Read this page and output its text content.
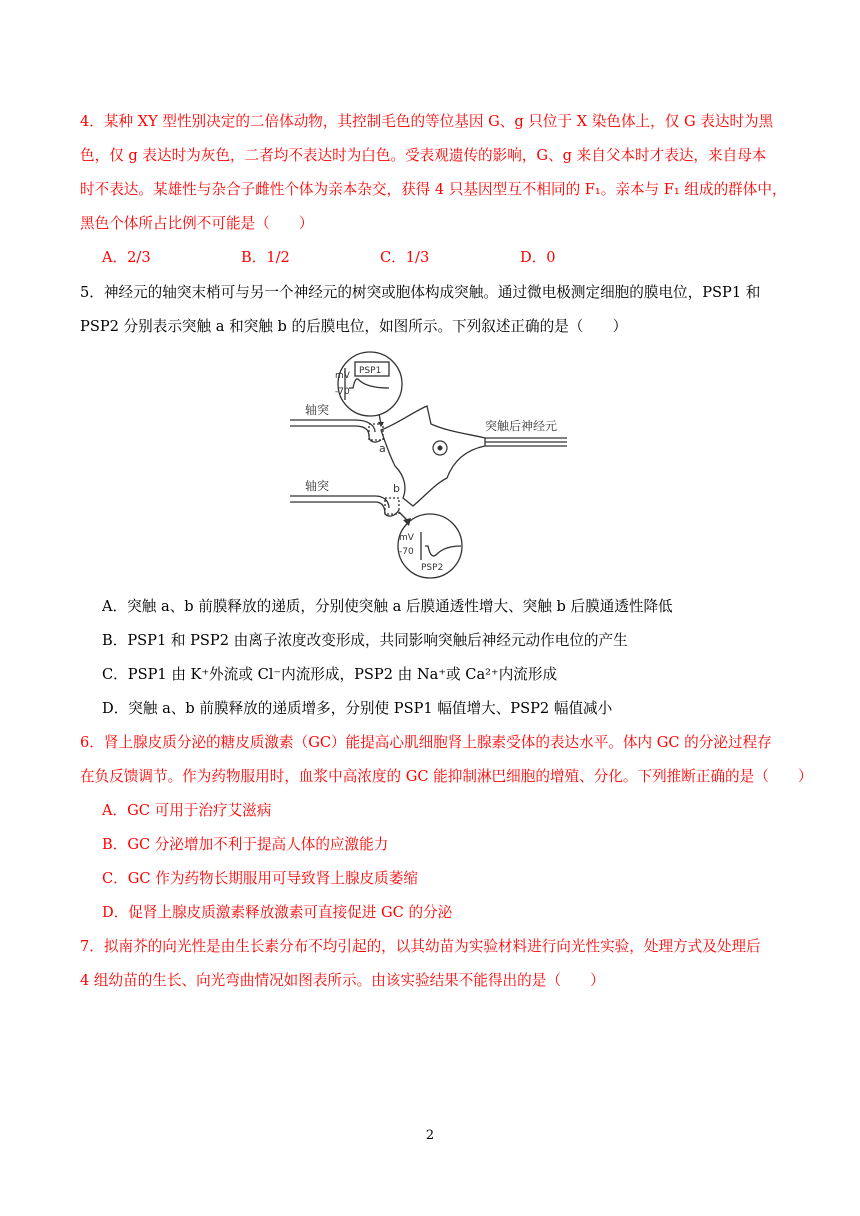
4．某种 XY 型性别决定的二倍体动物，其控制毛色的等位基因 G、g 只位于 X 染色体上，仅 G 表达时为黑
色，仅 g 表达时为灰色，二者均不表达时为白色。受表观遗传的影响，G、g 来自父本时才表达，来自母本
时不表达。某雄性与杂合子雌性个体为亲本杂交，获得 4 只基因型互不相同的 F₁。亲本与 F₁ 组成的群体中，
黑色个体所占比例不可能是（　　）
A．2/3	B．1/2	C．1/3	D．0
5．神经元的轴突末梢可与另一个神经元的树突或胞体构成突触。通过微电极测定细胞的膜电位，PSP1 和
PSP2 分别表示突触 a 和突触 b 的后膜电位，如图所示。下列叙述正确的是（　　）
轴突
轴突
突触后神经元
a
b
mV
-70
PSP1
mV
-70
PSP2
A．突触 a、b 前膜释放的递质，分别使突触 a 后膜通透性增大、突触 b 后膜通透性降低
B．PSP1 和 PSP2 由离子浓度改变形成，共同影响突触后神经元动作电位的产生
C．PSP1 由 K⁺外流或 Cl⁻内流形成，PSP2 由 Na⁺或 Ca²⁺内流形成
D．突触 a、b 前膜释放的递质增多，分别使 PSP1 幅值增大、PSP2 幅值减小
6．肾上腺皮质分泌的糖皮质激素（GC）能提高心肌细胞肾上腺素受体的表达水平。体内 GC 的分泌过程存
在负反馈调节。作为药物服用时，血浆中高浓度的 GC 能抑制淋巴细胞的增殖、分化。下列推断正确的是（　　）
A．GC 可用于治疗艾滋病
B．GC 分泌增加不利于提高人体的应激能力
C．GC 作为药物长期服用可导致肾上腺皮质萎缩
D．促肾上腺皮质激素释放激素可直接促进 GC 的分泌
7．拟南芥的向光性是由生长素分布不均引起的，以其幼苗为实验材料进行向光性实验，处理方式及处理后
4 组幼苗的生长、向光弯曲情况如图表所示。由该实验结果不能得出的是（　　）
2
